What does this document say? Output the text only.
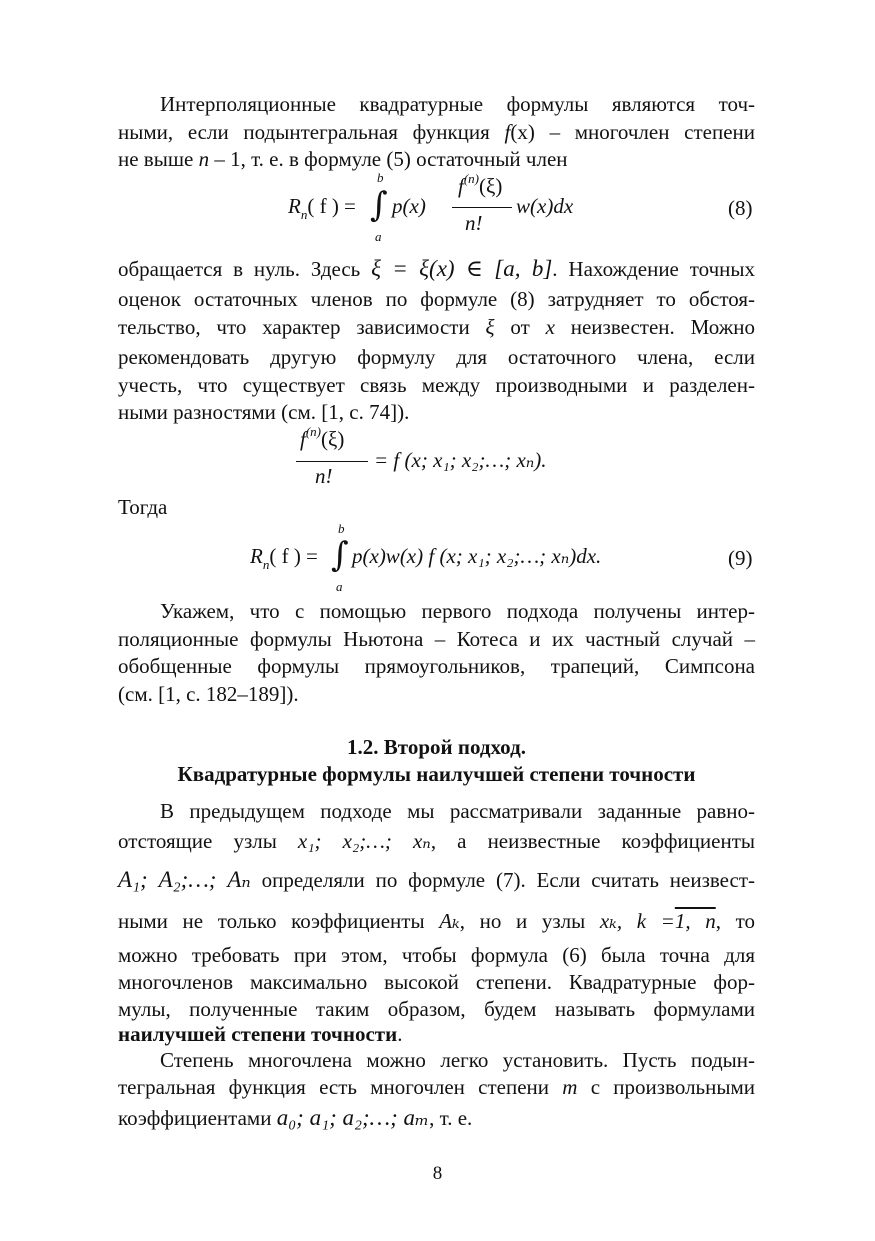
Интерполяционные квадратурные формулы являются точ-
ными, если подынтегральная функция f(x) – многочлен степени
не выше n – 1, т. е. в формуле (5) остаточный член
$R_n$( f ) =
b
∫
a
p(x)
$f^{(n)}(\xi)$
n!
w(x)dx	(8)
обращается в нуль. Здесь ξ = ξ(x) ∈ [a, b]. Нахождение точных
оценок остаточных членов по формуле (8) затрудняет то обстоя-
тельство, что характер зависимости ξ от x неизвестен. Можно
рекомендовать другую формулу для остаточного члена, если
учесть, что существует связь между производными и разделен-
ными разностями (см. [1, с. 74]).
$f^{(n)}(\xi)$
n!
= f (x; x₁; x₂;…; xₙ).
Тогда
$R_n$( f ) =
b
∫
a
p(x)w(x) f (x; x₁; x₂;…; xₙ)dx.	(9)
Укажем, что с помощью первого подхода получены интер-
поляционные формулы Ньютона – Котеса и их частный случай –
обобщенные формулы прямоугольников, трапеций, Симпсона
(см. [1, с. 182–189]).
1.2. Второй подход.
Квадратурные формулы наилучшей степени точности
В предыдущем подходе мы рассматривали заданные равно-
отстоящие узлы x₁; x₂;…; xₙ, а неизвестные коэффициенты
A₁; A₂;…; Aₙ определяли по формуле (7). Если считать неизвест-
ными не только коэффициенты Aₖ, но и узлы xₖ, k =1, n, то
можно требовать при этом, чтобы формула (6) была точна для
многочленов максимально высокой степени. Квадратурные фор-
мулы, полученные таким образом, будем называть формулами
наилучшей степени точности.
Степень многочлена можно легко установить. Пусть подын-
тегральная функция есть многочлен степени m с произвольными
коэффициентами a₀; a₁; a₂;…; aₘ, т. е.
8
